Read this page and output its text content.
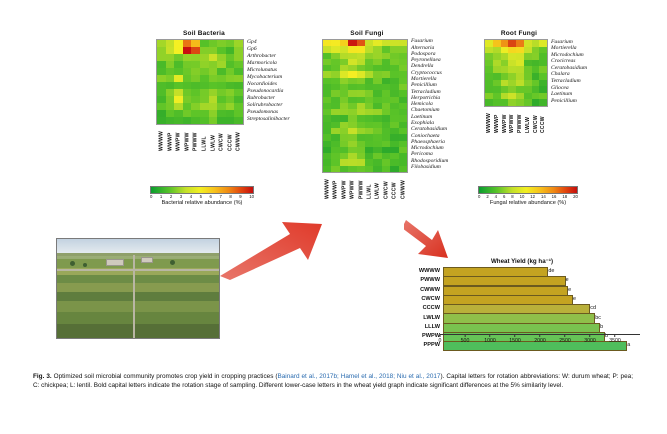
Soil Bacteria
Gp4
Gp6
Arthrobacter
Marmoricola
Microlunatus
Mycobacterium
Nocardioides
Pseudonocardia
Rubrobacter
Solirubrobacter
Pseudomonas
Streptosalinibacter
WWWW WWWP WWPW WPWW PWWW LLWL LWLW CWCW CCCW CWWW
0 1 2 3 4 5 6 7 8 9 10
Bacterial relative abundance (%)
Soil Fungi
Fusarium
Alternaria
Podospora
Peyronellaea
Dendrella
Cryptococcus
Mortierella
Penicillium
Tetracladium
Herpotrichia
Hemicola
Chaetomium
Laetinum
Exophiala
Ceratobasidium
Coniochaeta
Phaeosphaeria
Microdochium
Pericoma
Rhodosporidium
Filobasidium
WWWW WWWP WWPW WPWW PWWW LLWL LWLW CWCW CCCW CWWW
Root Fungi
Fusarium
Mortierella
Microdochium
Crocicreas
Ceratobasidium
Chalara
Tetracladium
Gliocea
Laetinum
Penicillium
WWWW WWWP WWPW WPWW PWWW LWLW CWCW CCCW
0 2 4 6 8 10 12 14 16 18 20
Fungal relative abundance (%)
Wheat Yield (kg ha⁻¹)
WWWW	de
PWWW	e
CWWW	e
CWCW	e
CCCW	cd
LWLW	bc
LLLW	b
PWPW	b
PPPW	a
0	500	1000	1500	2000	2500	3000	3500
Fig. 3. Optimized soil microbial community promotes crop yield in cropping practices (Bainard et al., 2017b; Hamel et al., 2018; Niu et al., 2017). Capital letters for rotation abbreviations: W: durum wheat; P: pea; C: chickpea; L: lentil. Bold capital letters indicate the rotation stage of sampling. Different lower-case letters in the wheat yield graph indicate significant differences at the 5% similarity level.
